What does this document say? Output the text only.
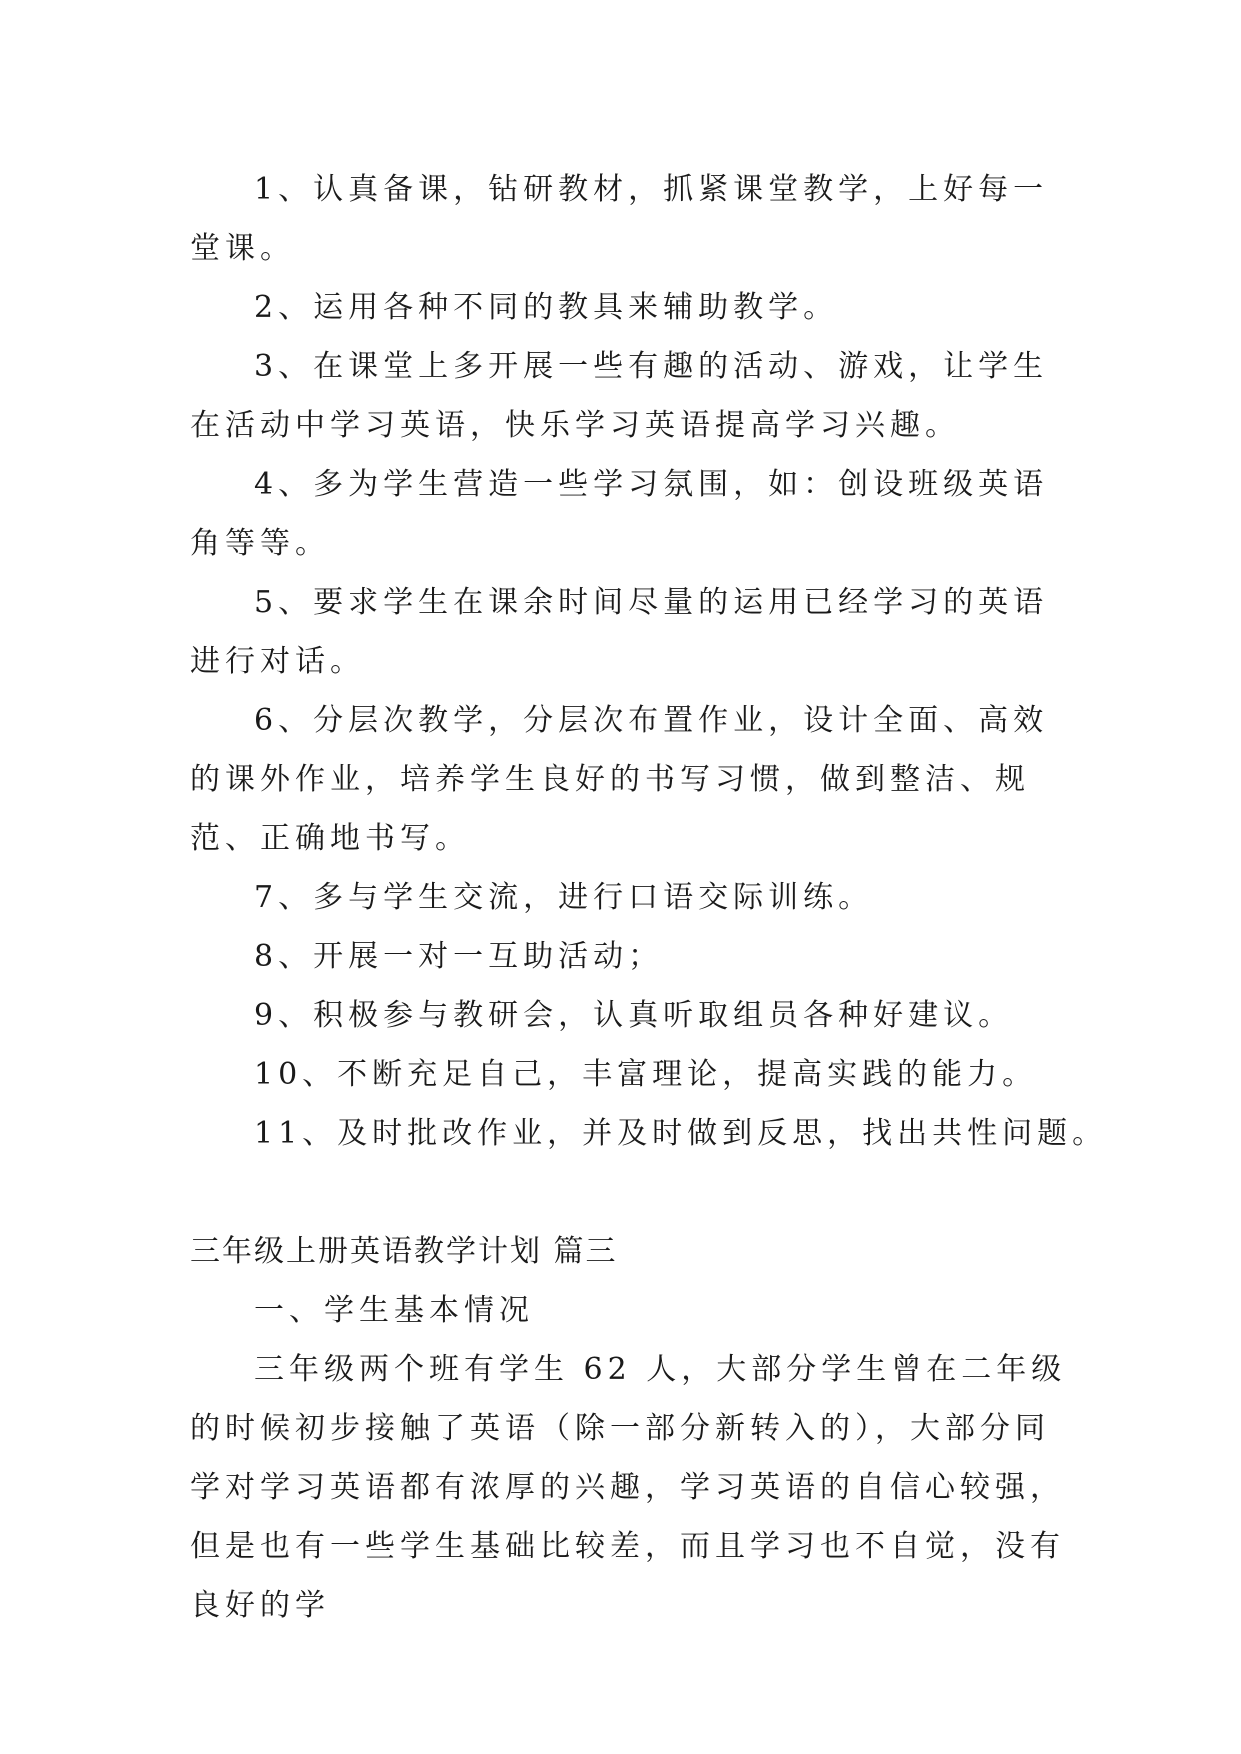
1、认真备课，钻研教材，抓紧课堂教学，上好每一堂课。

2、运用各种不同的教具来辅助教学。

3、在课堂上多开展一些有趣的活动、游戏，让学生在活动中学习英语，快乐学习英语提高学习兴趣。

4、多为学生营造一些学习氛围，如：创设班级英语角等等。

5、要求学生在课余时间尽量的运用已经学习的英语进行对话。

6、分层次教学，分层次布置作业，设计全面、高效的课外作业，培养学生良好的书写习惯，做到整洁、规范、正确地书写。

7、多与学生交流，进行口语交际训练。

8、开展一对一互助活动；

9、积极参与教研会，认真听取组员各种好建议。

10、不断充足自己，丰富理论，提高实践的能力。

11、及时批改作业，并及时做到反思，找出共性问题。

三年级上册英语教学计划 篇三

一、学生基本情况

三年级两个班有学生 62 人，大部分学生曾在二年级的时候初步接触了英语（除一部分新转入的），大部分同学对学习英语都有浓厚的兴趣，学习英语的自信心较强，但是也有一些学生基础比较差，而且学习也不自觉，没有良好的学
